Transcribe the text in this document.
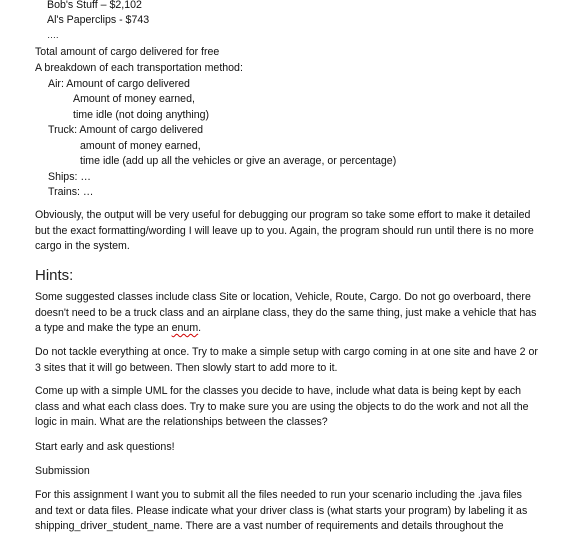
Bob's Stuff – $2,102
Al's Paperclips - $743
….
Total amount of cargo delivered for free
A breakdown of each transportation method:
Air: Amount of cargo delivered
Amount of money earned,
time idle (not doing anything)
Truck: Amount of cargo delivered
amount of money earned,
time idle (add up all the vehicles or give an average, or percentage)
Ships: …
Trains: …
Obviously, the output will be very useful for debugging our program so take some effort to make it detailed but the exact formatting/wording I will leave up to you. Again, the program should run until there is no more cargo in the system.
Hints:
Some suggested classes include class Site or location, Vehicle, Route, Cargo. Do not go overboard, there doesn't need to be a truck class and an airplane class, they do the same thing, just make a vehicle that has a type and make the type an enum.
Do not tackle everything at once. Try to make a simple setup with cargo coming in at one site and have 2 or 3 sites that it will go between. Then slowly start to add more to it.
Come up with a simple UML for the classes you decide to have, include what data is being kept by each class and what each class does. Try to make sure you are using the objects to do the work and not all the logic in main. What are the relationships between the classes?
Start early and ask questions!
Submission
For this assignment I want you to submit all the files needed to run your scenario including the .java files and text or data files. Please indicate what your driver class is (what starts your program) by labeling it as shipping_driver_student_name. There are a vast number of requirements and details throughout the
